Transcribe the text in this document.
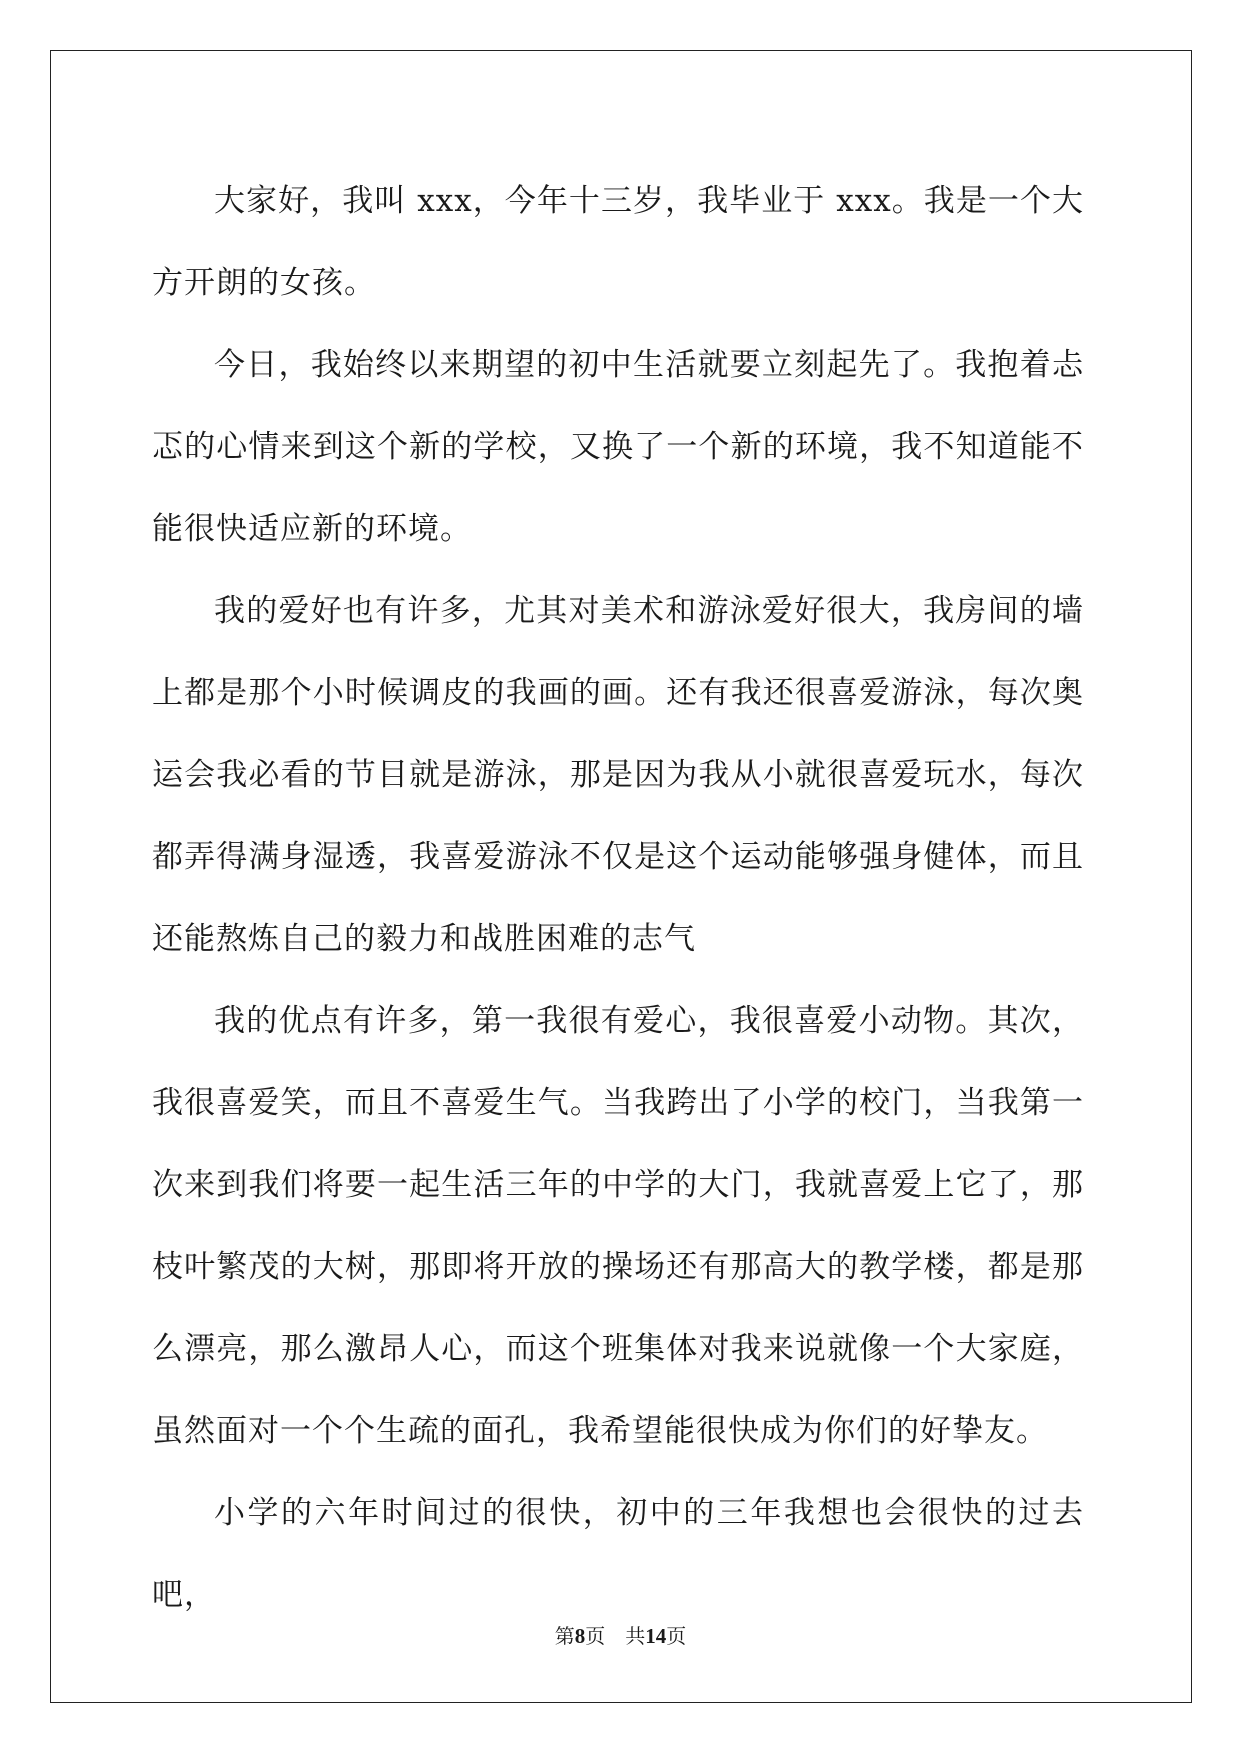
大家好，我叫 xxx，今年十三岁，我毕业于 xxx。我是一个大方开朗的女孩。

今日，我始终以来期望的初中生活就要立刻起先了。我抱着忐忑的心情来到这个新的学校，又换了一个新的环境，我不知道能不能很快适应新的环境。

我的爱好也有许多，尤其对美术和游泳爱好很大，我房间的墙上都是那个小时候调皮的我画的画。还有我还很喜爱游泳，每次奥运会我必看的节目就是游泳，那是因为我从小就很喜爱玩水，每次都弄得满身湿透，我喜爱游泳不仅是这个运动能够强身健体，而且还能熬炼自己的毅力和战胜困难的志气

我的优点有许多，第一我很有爱心，我很喜爱小动物。其次，我很喜爱笑，而且不喜爱生气。当我跨出了小学的校门，当我第一次来到我们将要一起生活三年的中学的大门，我就喜爱上它了，那枝叶繁茂的大树，那即将开放的操场还有那高大的教学楼，都是那么漂亮，那么激昂人心，而这个班集体对我来说就像一个大家庭，虽然面对一个个生疏的面孔，我希望能很快成为你们的好挚友。

小学的六年时间过的很快，初中的三年我想也会很快的过去吧，

第8页 共14页
